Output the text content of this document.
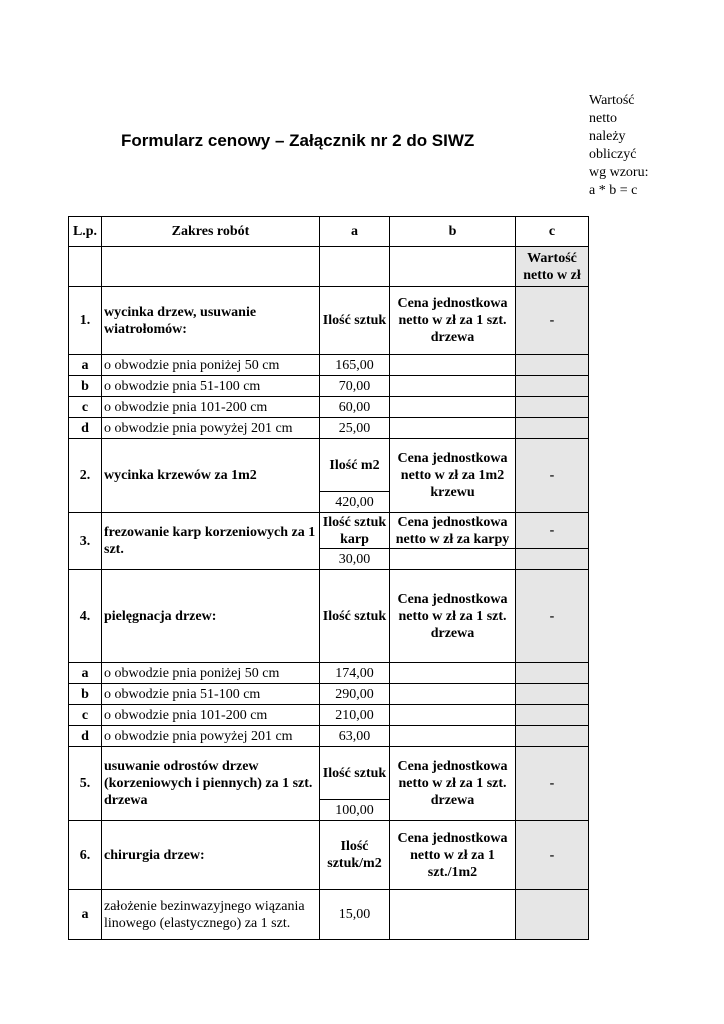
Formularz cenowy – Załącznik nr 2 do SIWZ
Wartość
netto
należy
obliczyć
wg wzoru:
a * b = c
L.p.	Zakres robót	a	b	c
				Wartość netto w zł
1.	wycinka drzew, usuwanie wiatrołomów:	Ilość sztuk	Cena jednostkowa netto w zł za 1 szt. drzewa	-
a	o obwodzie pnia poniżej 50 cm	165,00		
b	o obwodzie pnia 51-100 cm	70,00		
c	o obwodzie pnia 101-200 cm	60,00		
d	o obwodzie pnia powyżej 201 cm	25,00		
2.	wycinka krzewów za 1m2	Ilość m2	Cena jednostkowa netto w zł za 1m2 krzewu	-
		420,00		
3.	frezowanie karp korzeniowych za 1 szt.	Ilość sztuk karp	Cena jednostkowa netto w zł za karpy	-
		30,00		
4.	pielęgnacja drzew:	Ilość sztuk	Cena jednostkowa netto w zł za 1 szt. drzewa	-
a	o obwodzie pnia poniżej 50 cm	174,00		
b	o obwodzie pnia 51-100 cm	290,00		
c	o obwodzie pnia 101-200 cm	210,00		
d	o obwodzie pnia powyżej 201 cm	63,00		
5.	usuwanie odrostów drzew (korzeniowych i piennych) za 1 szt. drzewa	Ilość sztuk	Cena jednostkowa netto w zł za 1 szt. drzewa	-
		100,00		
6.	chirurgia drzew:	Ilość sztuk/m2	Cena jednostkowa netto w zł za 1 szt./1m2	-
a	założenie bezinwazyjnego wiązania linowego (elastycznego) za 1 szt.	15,00		
